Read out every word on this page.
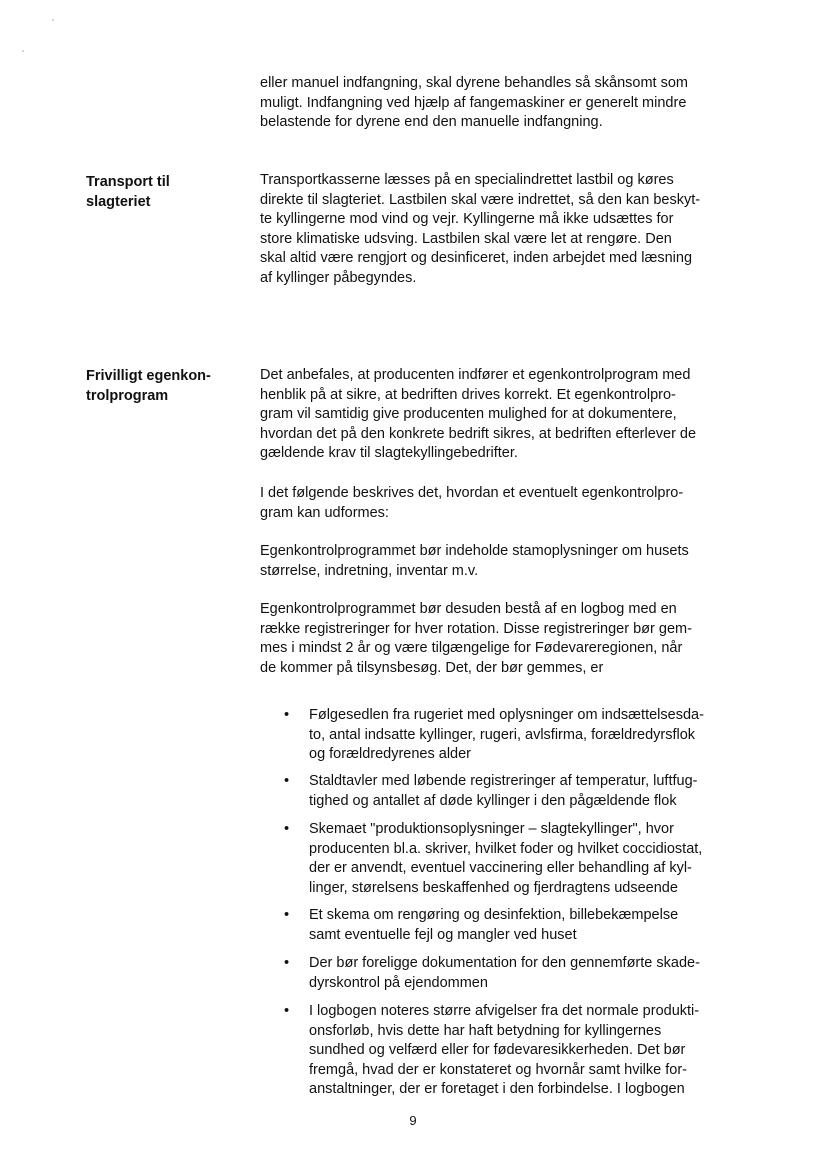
eller manuel indfangning, skal dyrene behandles så skånsomt som
muligt. Indfangning ved hjælp af fangemaskiner er generelt mindre
belastende for dyrene end den manuelle indfangning.
Transport til
slagteriet
Transportkasserne læsses på en specialindrettet lastbil og køres
direkte til slagteriet. Lastbilen skal være indrettet, så den kan beskyt-
te kyllingerne mod vind og vejr. Kyllingerne må ikke udsættes for
store klimatiske udsving. Lastbilen skal være let at rengøre. Den
skal altid være rengjort og desinficeret, inden arbejdet med læsning
af kyllinger påbegyndes.
Frivilligt egenkon-
trolprogram
Det anbefales, at producenten indfører et egenkontrolprogram med
henblik på at sikre, at bedriften drives korrekt. Et egenkontrolpro-
gram vil samtidig give producenten mulighed for at dokumentere,
hvordan det på den konkrete bedrift sikres, at bedriften efterlever de
gældende krav til slagtekyllingebedrifter.
I det følgende beskrives det, hvordan et eventuelt egenkontrolpro-
gram kan udformes:
Egenkontrolprogrammet bør indeholde stamoplysninger om husets
størrelse, indretning, inventar m.v.
Egenkontrolprogrammet bør desuden bestå af en logbog med en
række registreringer for hver rotation. Disse registreringer bør gem-
mes i mindst 2 år og være tilgængelige for Fødevareregionen, når
de kommer på tilsynsbesøg. Det, der bør gemmes, er
• Følgesedlen fra rugeriet med oplysninger om indsættelsesda-
to, antal indsatte kyllinger, rugeri, avlsfirma, forældredyrsflok
og forældredyrenes alder
• Staldtavler med løbende registreringer af temperatur, luftfug-
tighed og antallet af døde kyllinger i den pågældende flok
• Skemaet "produktionsoplysninger – slagtekyllinger", hvor
producenten bl.a. skriver, hvilket foder og hvilket coccidiostat,
der er anvendt, eventuel vaccinering eller behandling af kyl-
linger, størelsens beskaffenhed og fjerdragtens udseende
• Et skema om rengøring og desinfektion, billebekæmpelse
samt eventuelle fejl og mangler ved huset
• Der bør foreligge dokumentation for den gennemførte skade-
dyrskontrol på ejendommen
• I logbogen noteres større afvigelser fra det normale produkti-
onsforløb, hvis dette har haft betydning for kyllingernes
sundhed og velfærd eller for fødevaresikkerheden. Det bør
fremgå, hvad der er konstateret og hvornår samt hvilke for-
anstaltninger, der er foretaget i den forbindelse. I logbogen
9
